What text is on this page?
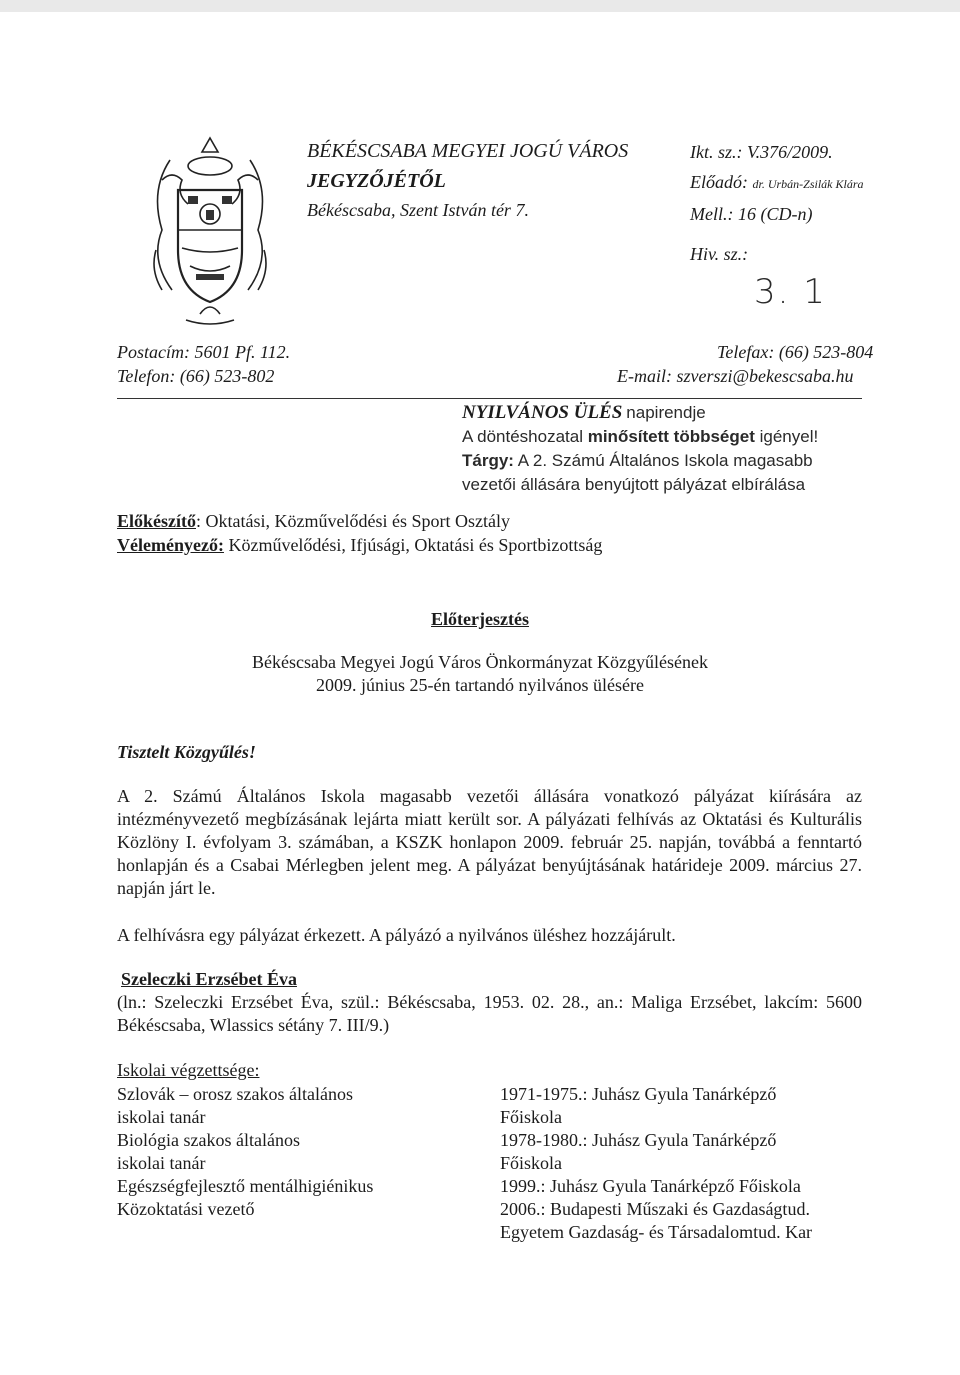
BÉKÉSCSABA MEGYEI JOGÚ VÁROS
JEGYZŐJÉTŐL
Békéscsaba, Szent István tér 7.
Ikt. sz.: V.376/2009.
Előadó: dr. Urbán-Zsilák Klára
Mell.: 16 (CD-n)
Hiv. sz.:
3. 1
Postacím: 5601 Pf. 112.
Telefon: (66) 523-802
Telefax: (66) 523-804
E-mail: szverszi@bekescsaba.hu
NYILVÁNOS ÜLÉS napirendje
A döntéshozatal minősített többséget igényel!
Tárgy: A 2. Számú Általános Iskola magasabb
vezetői állására benyújtott pályázat elbírálása
Előkészítő: Oktatási, Közművelődési és Sport Osztály
Véleményező: Közművelődési, Ifjúsági, Oktatási és Sportbizottság
Előterjesztés
Békéscsaba Megyei Jogú Város Önkormányzat Közgyűlésének
2009. június 25-én tartandó nyilvános ülésére
Tisztelt Közgyűlés!
A 2. Számú Általános Iskola magasabb vezetői állására vonatkozó pályázat kiírására az intézményvezető megbízásának lejárta miatt került sor. A pályázati felhívás az Oktatási és Kulturális Közlöny I. évfolyam 3. számában, a KSZK honlapon 2009. február 25. napján, továbbá a fenntartó honlapján és a Csabai Mérlegben jelent meg. A pályázat benyújtásának határideje 2009. március 27. napján járt le.
A felhívásra egy pályázat érkezett. A pályázó a nyilvános üléshez hozzájárult.
Szeleczki Erzsébet Éva
(ln.: Szeleczki Erzsébet Éva, szül.: Békéscsaba, 1953. 02. 28., an.: Maliga Erzsébet, lakcím: 5600 Békéscsaba, Wlassics sétány 7. III/9.)
Iskolai végzettsége:
Szlovák – orosz szakos általános
iskolai tanár
Biológia szakos általános
iskolai tanár
Egészségfejlesztő mentálhigiénikus
Közoktatási vezető
1971-1975.: Juhász Gyula Tanárképző
Főiskola
1978-1980.: Juhász Gyula Tanárképző
Főiskola
1999.: Juhász Gyula Tanárképző Főiskola
2006.: Budapesti Műszaki és Gazdaságtud.
Egyetem Gazdaság- és Társadalomtud. Kar
